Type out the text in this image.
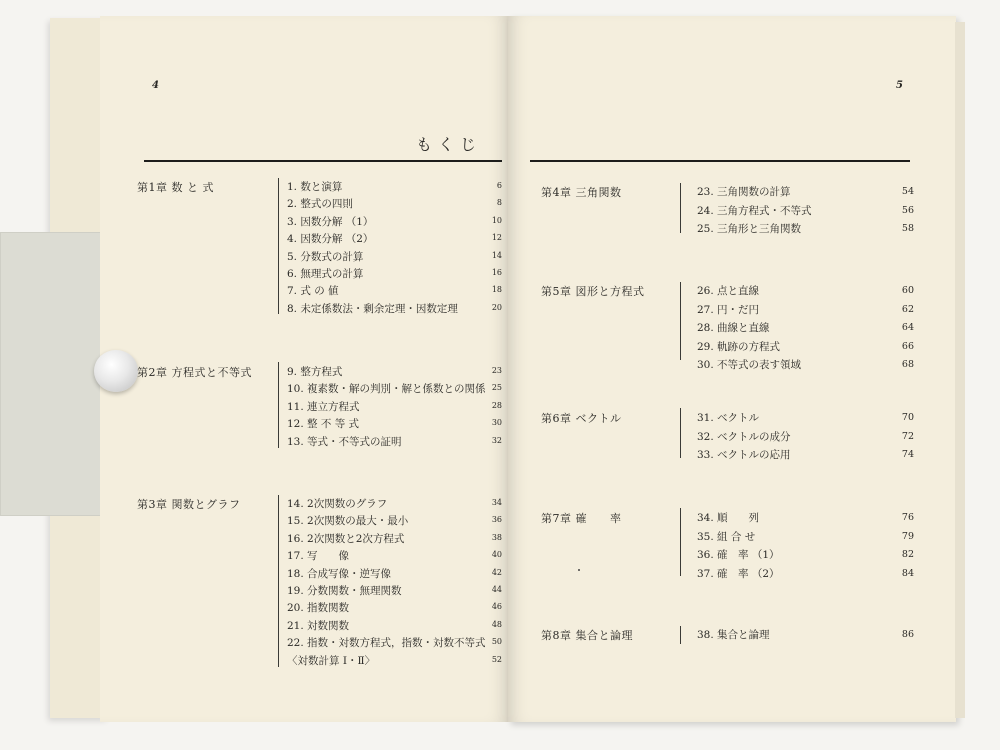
4	5
もくじ
第1章 数 と 式	1. 数と演算	6
2. 整式の四則	8
3. 因数分解 （1）	10
4. 因数分解 （2）	12
5. 分数式の計算	14
6. 無理式の計算	16
7. 式 の 値	18
8. 未定係数法・剰余定理・因数定理	20
第2章 方程式と不等式	9. 整方程式	23
10. 複素数・解の判別・解と係数との関係 25
11. 連立方程式	28
12. 整 不 等 式	30
13. 等式・不等式の証明	32
第3章 関数とグラフ	14. 2次関数のグラフ	34
15. 2次関数の最大・最小	36
16. 2次関数と2次方程式	38
17. 写　　像	40
18. 合成写像・逆写像	42
19. 分数関数・無理関数	44
20. 指数関数	46
21. 対数関数	48
22. 指数・対数方程式，指数・対数不等式 50
〈対数計算 Ⅰ・Ⅱ〉	52
第4章 三角関数	23. 三角関数の計算	54
24. 三角方程式・不等式	56
25. 三角形と三角関数	58
第5章 図形と方程式	26. 点と直線	60
27. 円・だ円	62
28. 曲線と直線	64
29. 軌跡の方程式	66
30. 不等式の表す領域	68
第6章 ベクトル	31. ベクトル	70
32. ベクトルの成分	72
33. ベクトルの応用	74
第7章 確　　率	34. 順　　列	76
35. 組 合 せ	79
36. 確　率 （1）	82
37. 確　率 （2）	84
第8章 集合と論理	38. 集合と論理	86
